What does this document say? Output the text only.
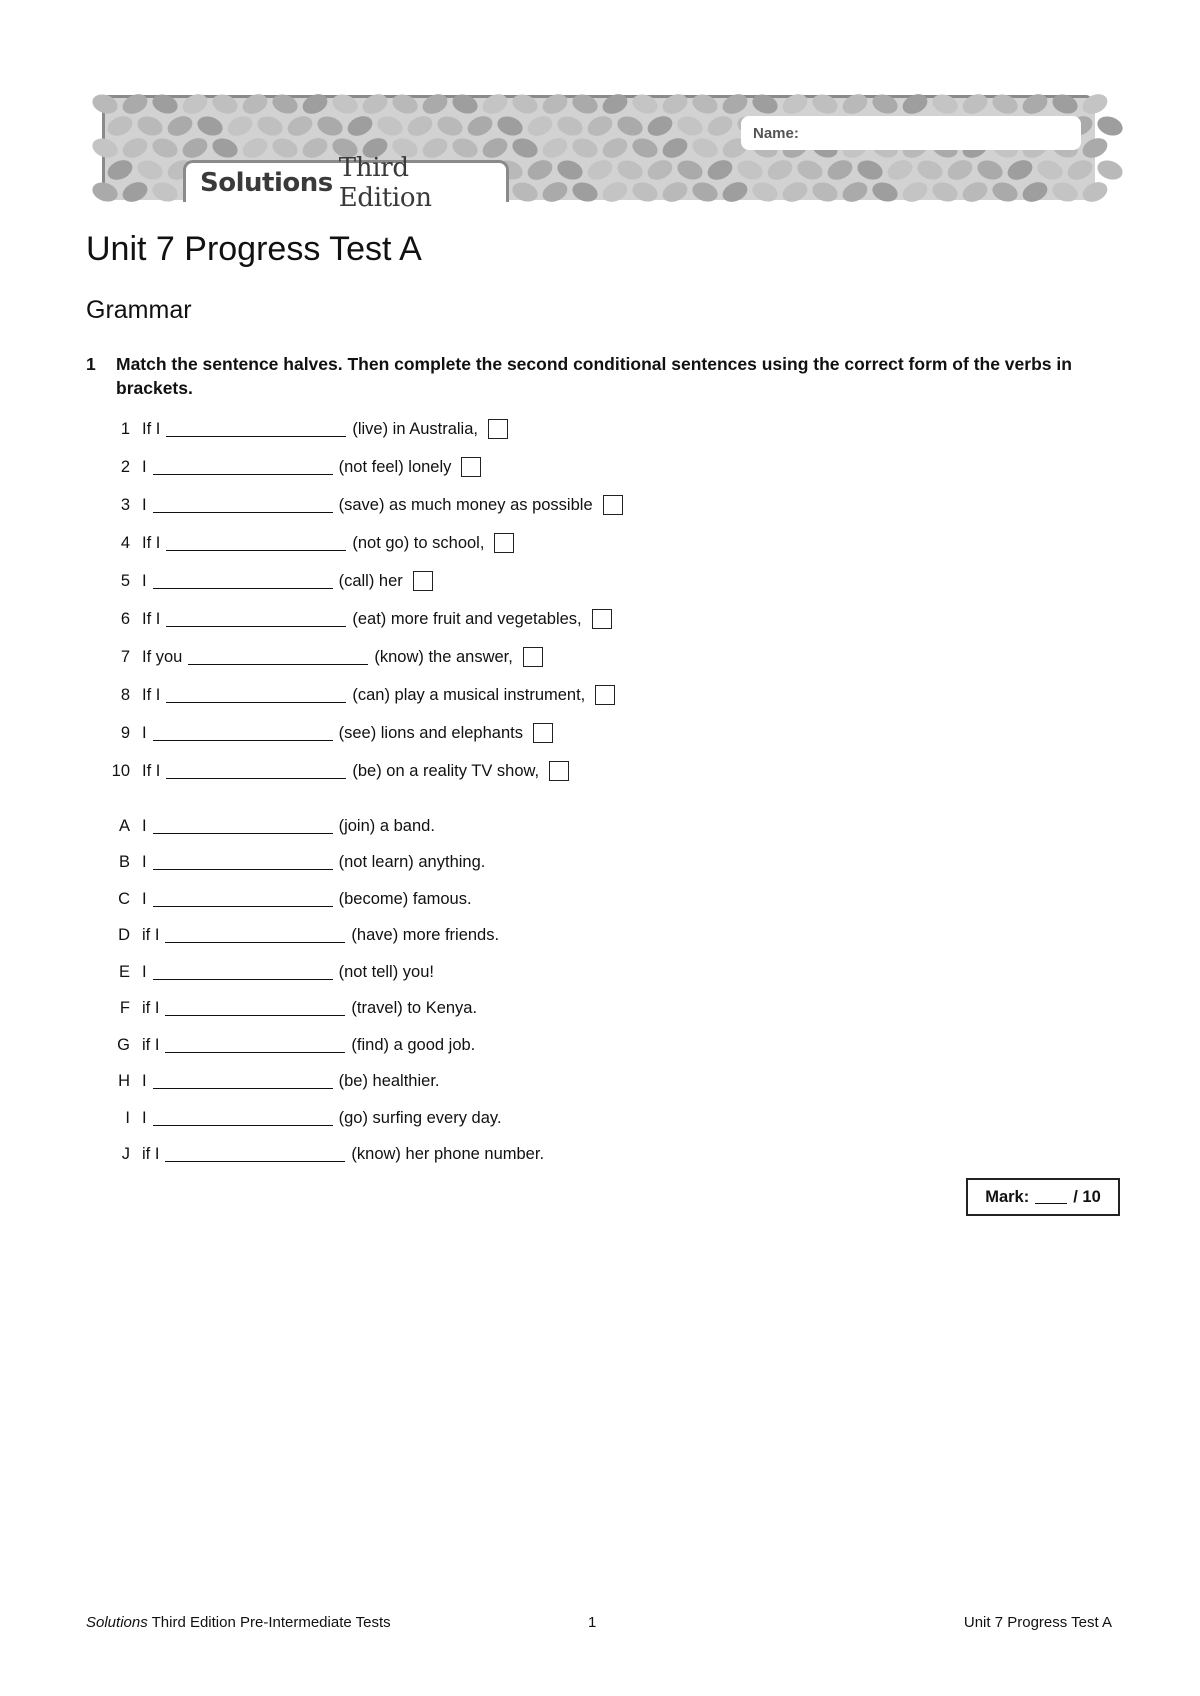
Solutions Third Edition
Name:
Unit 7 Progress Test A
Grammar
1 Match the sentence halves. Then complete the second conditional sentences using the correct form of the verbs in brackets.
1 If I	(live) in Australia,
2 I	(not feel) lonely
3 I	(save) as much money as possible
4 If I	(not go) to school,
5 I	(call) her
6 If I	(eat) more fruit and vegetables,
7 If you	(know) the answer,
8 If I	(can) play a musical instrument,
9 I	(see) lions and elephants
10 If I	(be) on a reality TV show,
A I	(join) a band.
B I	(not learn) anything.
C I	(become) famous.
D if I	(have) more friends.
E I	(not tell) you!
F if I	(travel) to Kenya.
G if I	(find) a good job.
H I	(be) healthier.
I I	(go) surfing every day.
J if I	(know) her phone number.
Mark:	/ 10
Solutions Third Edition Pre-Intermediate Tests	1	Unit 7 Progress Test A
